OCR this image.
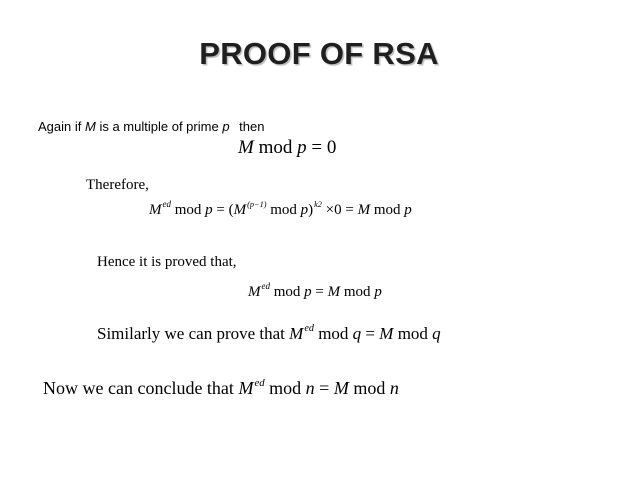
PROOF OF RSA
Again if M is a multiple of prime p then
M mod p = 0
Therefore,
$M^{ed}$ mod $p = (M^{(p-1)}$ mod p)$^{k2}$ ×0 = M mod p
Hence it is proved that,
$M^{ed}$ mod p = M mod p
Similarly we can prove that $M^{ed}$ mod q = M mod q
Now we can conclude that $M^{ed}$ mod n = M mod n
